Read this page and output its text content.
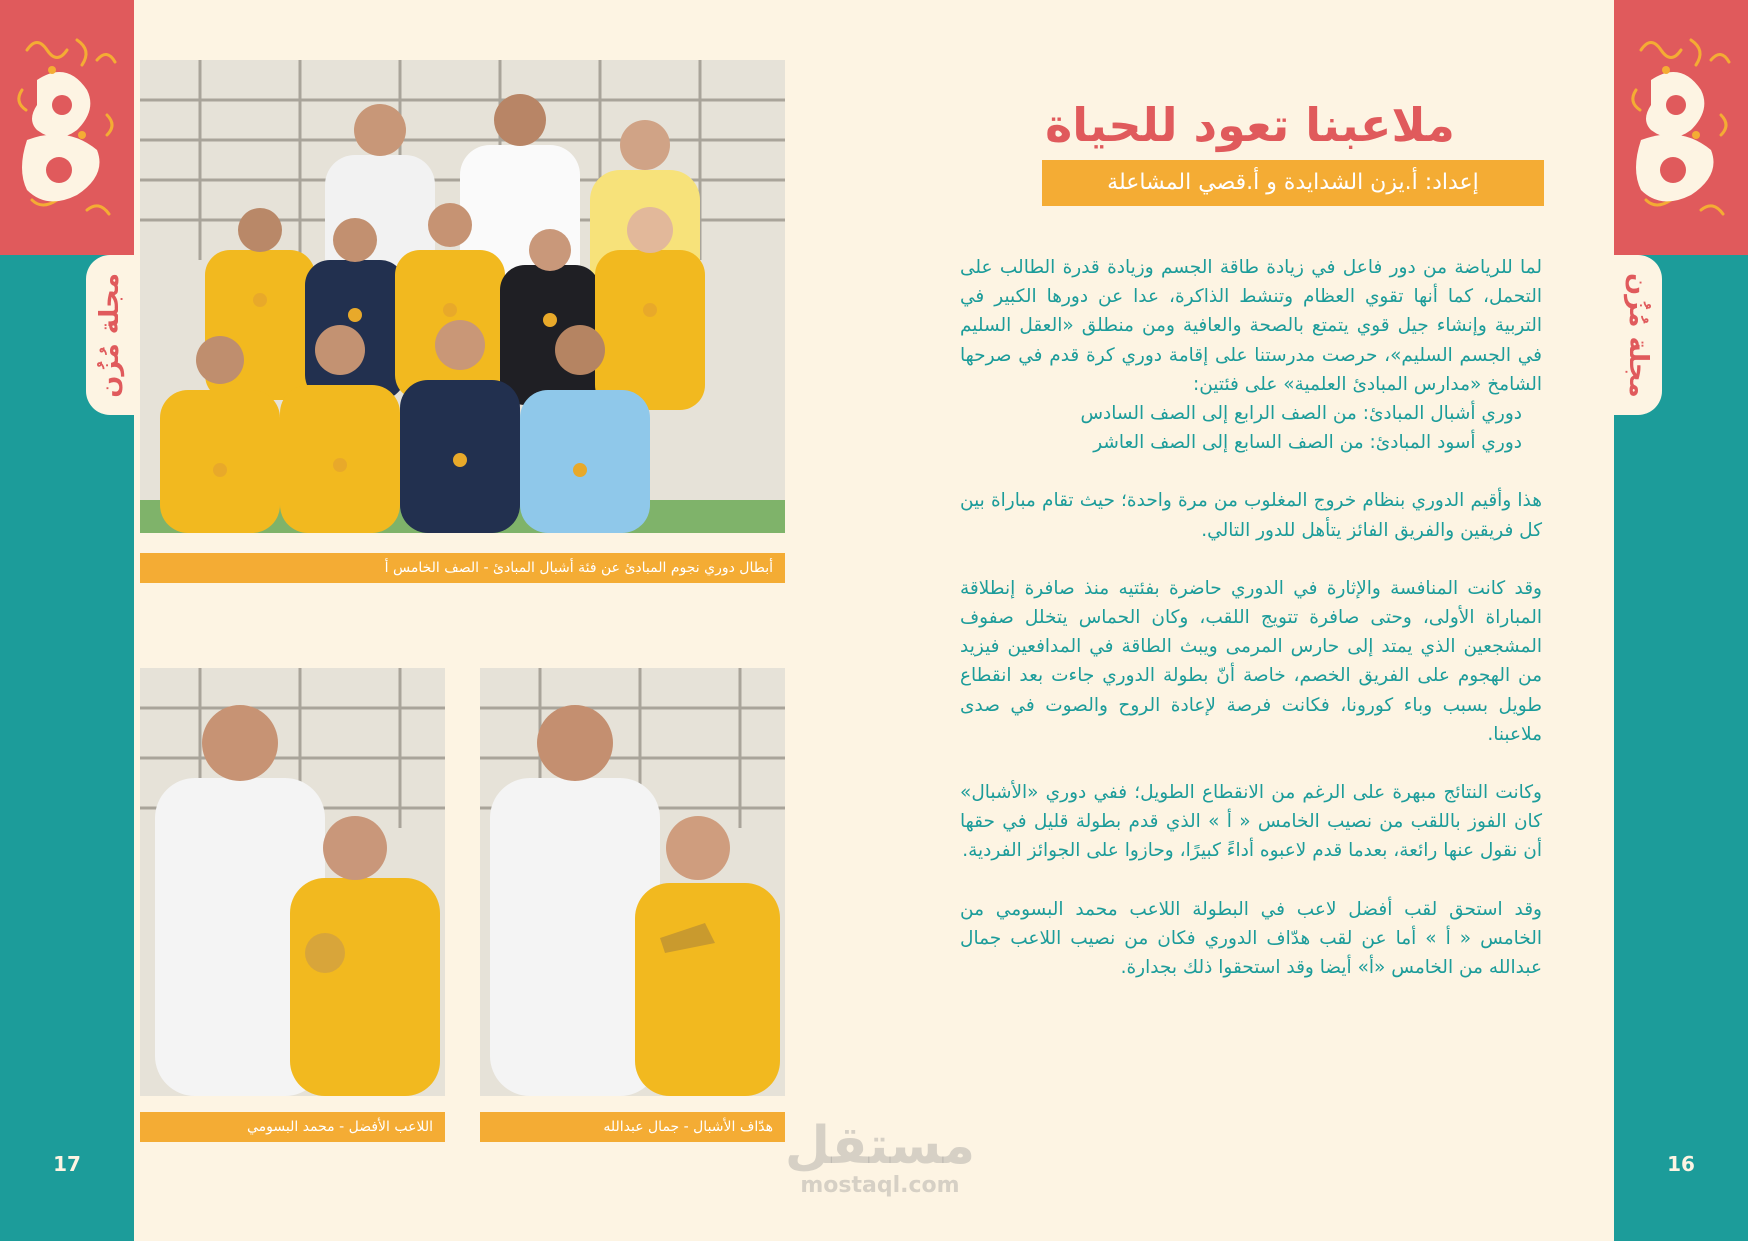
مجلة مُزُن
17
مجلة مُزُن
16
أبطال دوري نجوم المبادئ عن فئة أشبال المبادئ - الصف الخامس أ
اللاعب الأفضل - محمد البسومي	هدّاف الأشبال - جمال عبدالله
ملاعبنا تعود للحياة
إعداد: أ.يزن الشدايدة و أ.قصي المشاعلة

لما للرياضة من دور فاعل في زيادة طاقة الجسم وزيادة قدرة الطالب على التحمل، كما أنها تقوي العظام وتنشط الذاكرة، عدا عن دورها الكبير في التربية وإنشاء جيل قوي يتمتع بالصحة والعافية ومن منطلق «العقل السليم في الجسم السليم»، حرصت مدرستنا على إقامة دوري كرة قدم في صرحها الشامخ «مدارس المبادئ العلمية» على فئتين:

دوري أشبال المبادئ: من الصف الرابع إلى الصف السادس
دوري أسود المبادئ: من الصف السابع إلى الصف العاشر

هذا وأقيم الدوري بنظام خروج المغلوب من مرة واحدة؛ حيث تقام مباراة بين كل فريقين والفريق الفائز يتأهل للدور التالي.

وقد كانت المنافسة والإثارة في الدوري حاضرة بفئتيه منذ صافرة إنطلاقة المباراة الأولى، وحتى صافرة تتويج اللقب، وكان الحماس يتخلل صفوف المشجعين الذي يمتد إلى حارس المرمى ويبث الطاقة في المدافعين فيزيد من الهجوم على الفريق الخصم، خاصة أنّ بطولة الدوري جاءت بعد انقطاع طويل بسبب وباء كورونا، فكانت فرصة لإعادة الروح والصوت في صدى ملاعبنا.

وكانت النتائج مبهرة على الرغم من الانقطاع الطويل؛ ففي دوري «الأشبال» كان الفوز باللقب من نصيب الخامس « أ » الذي قدم بطولة قليل في حقها أن نقول عنها رائعة، بعدما قدم لاعبوه أداءً كبيرًا، وحازوا على الجوائز الفردية.

وقد استحق لقب أفضل لاعب في البطولة اللاعب محمد البسومي من الخامس « أ » أما عن لقب هدّاف الدوري فكان من نصيب اللاعب جمال عبدالله من الخامس «أ» أيضا وقد استحقوا ذلك بجدارة.

مستقل
mostaql.com
